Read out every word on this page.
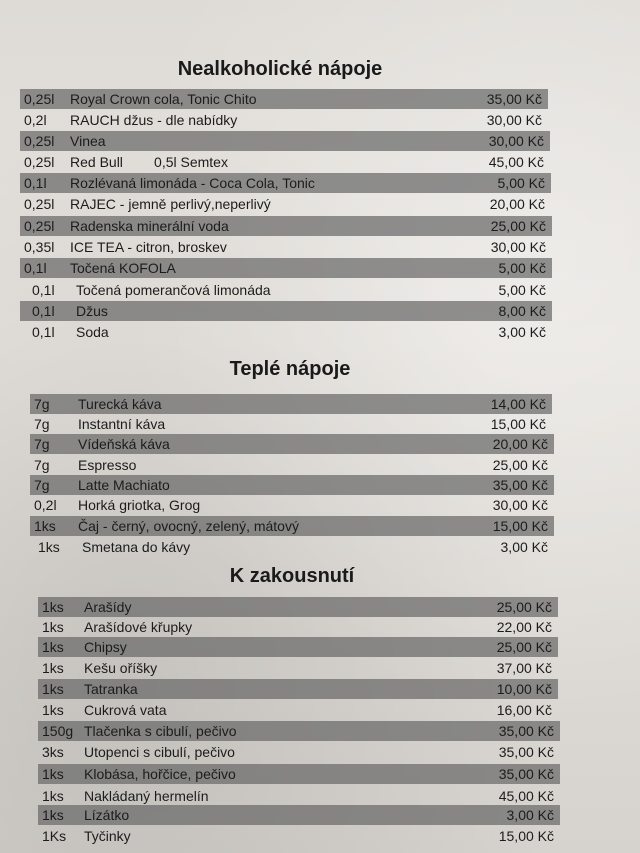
Nealkoholické nápoje
0,25l Royal Crown cola, Tonic Chito	35,00 Kč
0,2l RAUCH džus - dle nabídky	30,00 Kč
0,25l Vinea	30,00 Kč
0,25l Red Bull        0,5l Semtex	45,00 Kč
0,1l Rozlévaná limonáda - Coca Cola, Tonic	5,00 Kč
0,25l RAJEC - jemně perlivý,neperlivý	20,00 Kč
0,25l Radenska minerální voda	25,00 Kč
0,35l ICE TEA - citron, broskev	30,00 Kč
0,1l Točená KOFOLA	5,00 Kč
0,1l Točená pomerančová limonáda	5,00 Kč
0,1l Džus	8,00 Kč
0,1l Soda	3,00 Kč
Teplé nápoje
7g Turecká káva	14,00 Kč
7g Instantní káva	15,00 Kč
7g Vídeňská káva	20,00 Kč
7g Espresso	25,00 Kč
7g Latte Machiato	35,00 Kč
0,2l Horká griotka, Grog	30,00 Kč
1ks Čaj - černý, ovocný, zelený, mátový	15,00 Kč
1ks Smetana do kávy	3,00 Kč
K zakousnutí
1ks Arašídy	25,00 Kč
1ks Arašídové křupky	22,00 Kč
1ks Chipsy	25,00 Kč
1ks Kešu oříšky	37,00 Kč
1ks Tatranka	10,00 Kč
1ks Cukrová vata	16,00 Kč
150g Tlačenka s cibulí, pečivo	35,00 Kč
3ks Utopenci s cibulí, pečivo	35,00 Kč
1ks Klobása, hořčice, pečivo	35,00 Kč
1ks Nakládaný hermelín	45,00 Kč
1ks Lízátko	3,00 Kč
1Ks Tyčinky	15,00 Kč
